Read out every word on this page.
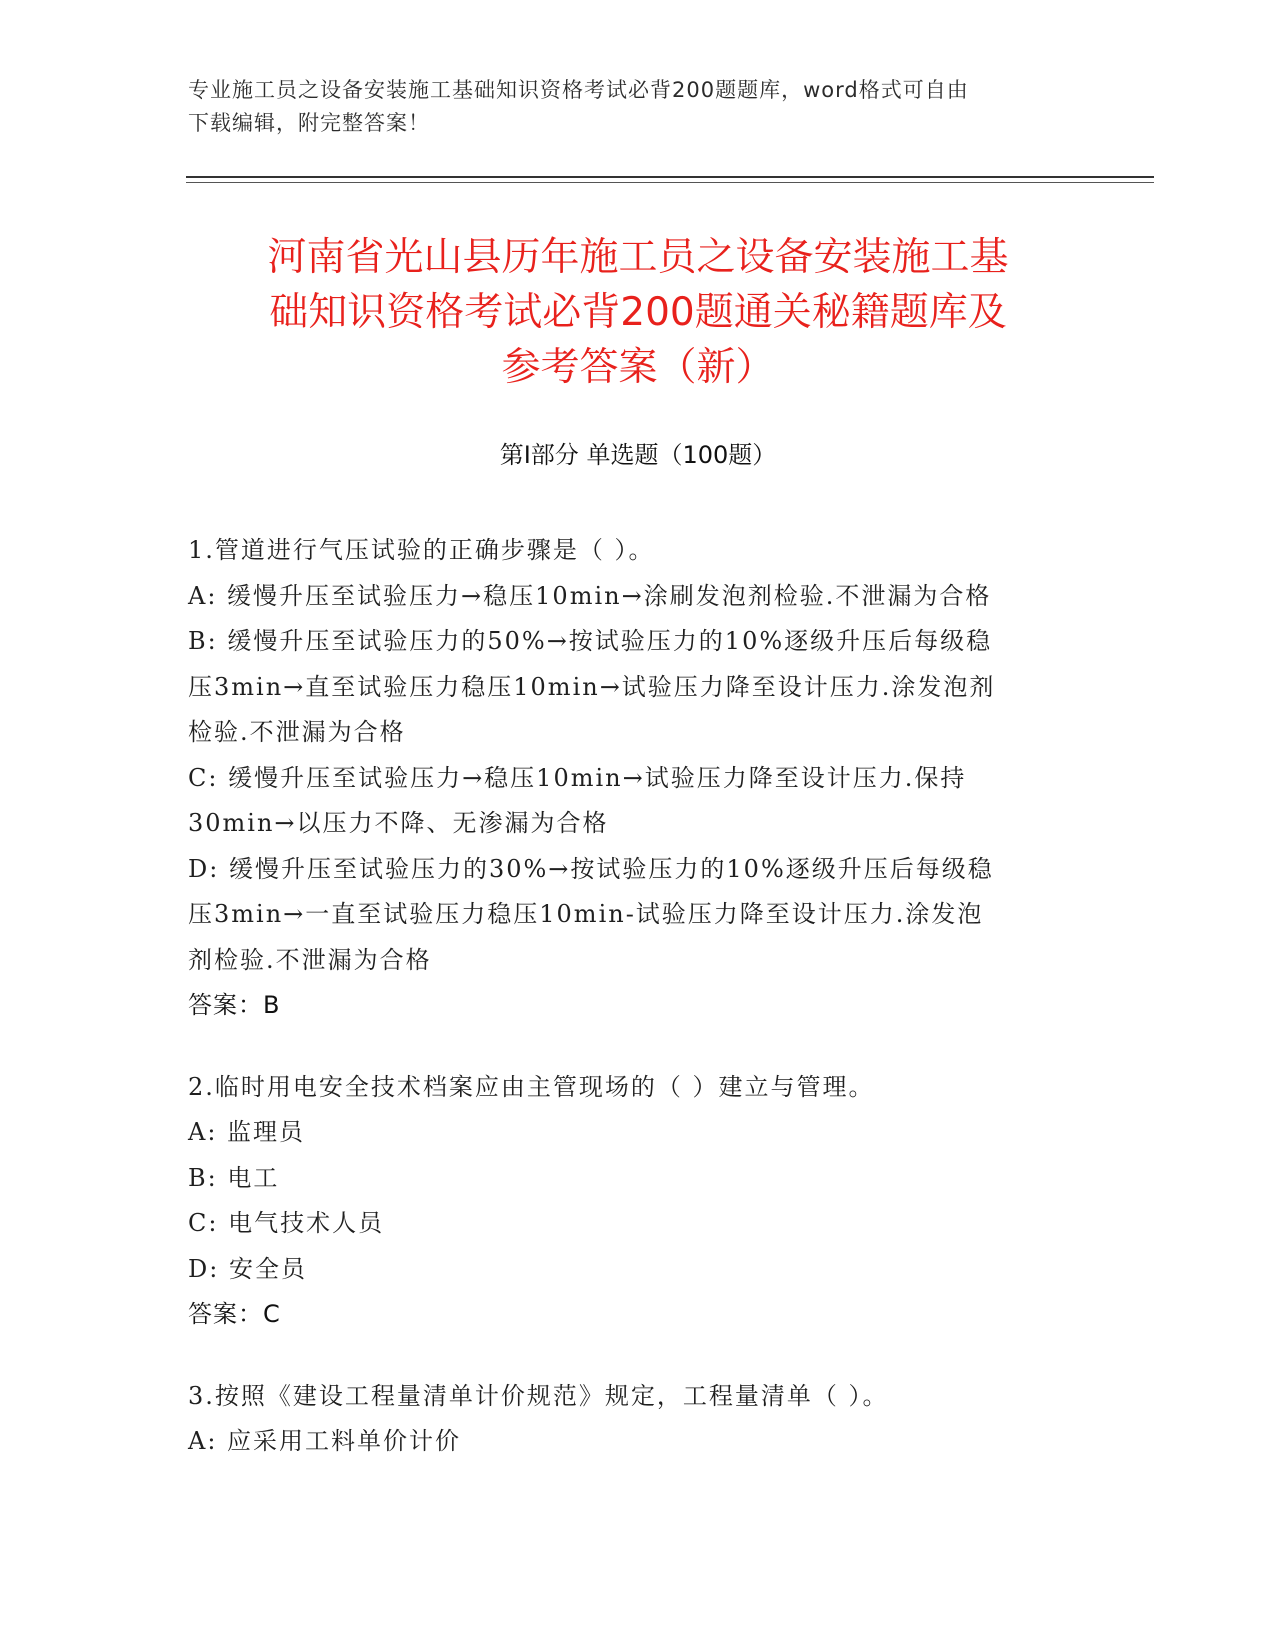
专业施工员之设备安装施工基础知识资格考试必背200题题库，word格式可自由
下载编辑，附完整答案！
河南省光山县历年施工员之设备安装施工基
础知识资格考试必背200题通关秘籍题库及
参考答案（新）
第Ⅰ部分 单选题（100题）

1.管道进行气压试验的正确步骤是（ ）。

A: 缓慢升压至试验压力→稳压10min→涂刷发泡剂检验.不泄漏为合格

B: 缓慢升压至试验压力的50%→按试验压力的10%逐级升压后每级稳

压3min→直至试验压力稳压10min→试验压力降至设计压力.涂发泡剂

检验.不泄漏为合格

C: 缓慢升压至试验压力→稳压10min→试验压力降至设计压力.保持

30min→以压力不降、无渗漏为合格

D: 缓慢升压至试验压力的30%→按试验压力的10%逐级升压后每级稳

压3min→一直至试验压力稳压10min-试验压力降至设计压力.涂发泡

剂检验.不泄漏为合格

答案：B

2.临时用电安全技术档案应由主管现场的（ ）建立与管理。

A: 监理员

B: 电工

C: 电气技术人员

D: 安全员

答案：C

3.按照《建设工程量清单计价规范》规定，工程量清单（ ）。

A: 应采用工料单价计价
